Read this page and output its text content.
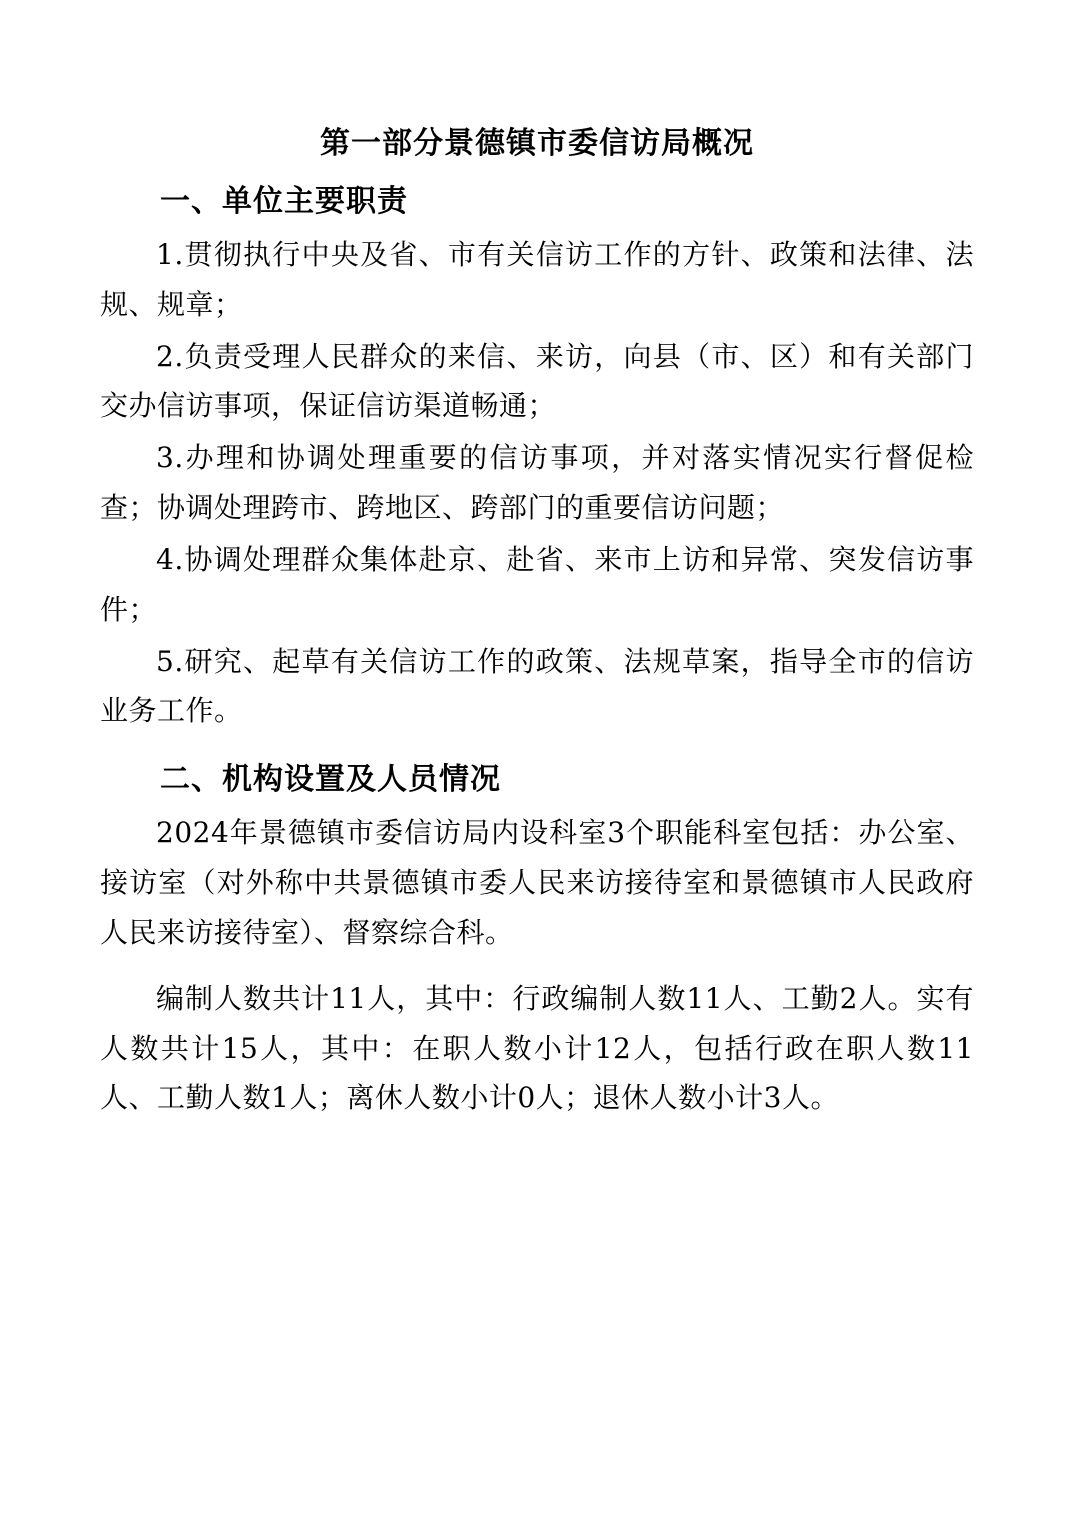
第一部分景德镇市委信访局概况
一、单位主要职责

1.贯彻执行中央及省、市有关信访工作的方针、政策和法律、法规、规章；

2.负责受理人民群众的来信、来访，向县（市、区）和有关部门交办信访事项，保证信访渠道畅通；

3.办理和协调处理重要的信访事项，并对落实情况实行督促检查；协调处理跨市、跨地区、跨部门的重要信访问题；

4.协调处理群众集体赴京、赴省、来市上访和异常、突发信访事件；

5.研究、起草有关信访工作的政策、法规草案，指导全市的信访业务工作。

二、机构设置及人员情况

2024年景德镇市委信访局内设科室3个职能科室包括：办公室、接访室（对外称中共景德镇市委人民来访接待室和景德镇市人民政府人民来访接待室）、督察综合科。

编制人数共计11人，其中：行政编制人数11人、工勤2人。实有人数共计15人，其中：在职人数小计12人，包括行政在职人数11人、工勤人数1人；离休人数小计0人；退休人数小计3人。
